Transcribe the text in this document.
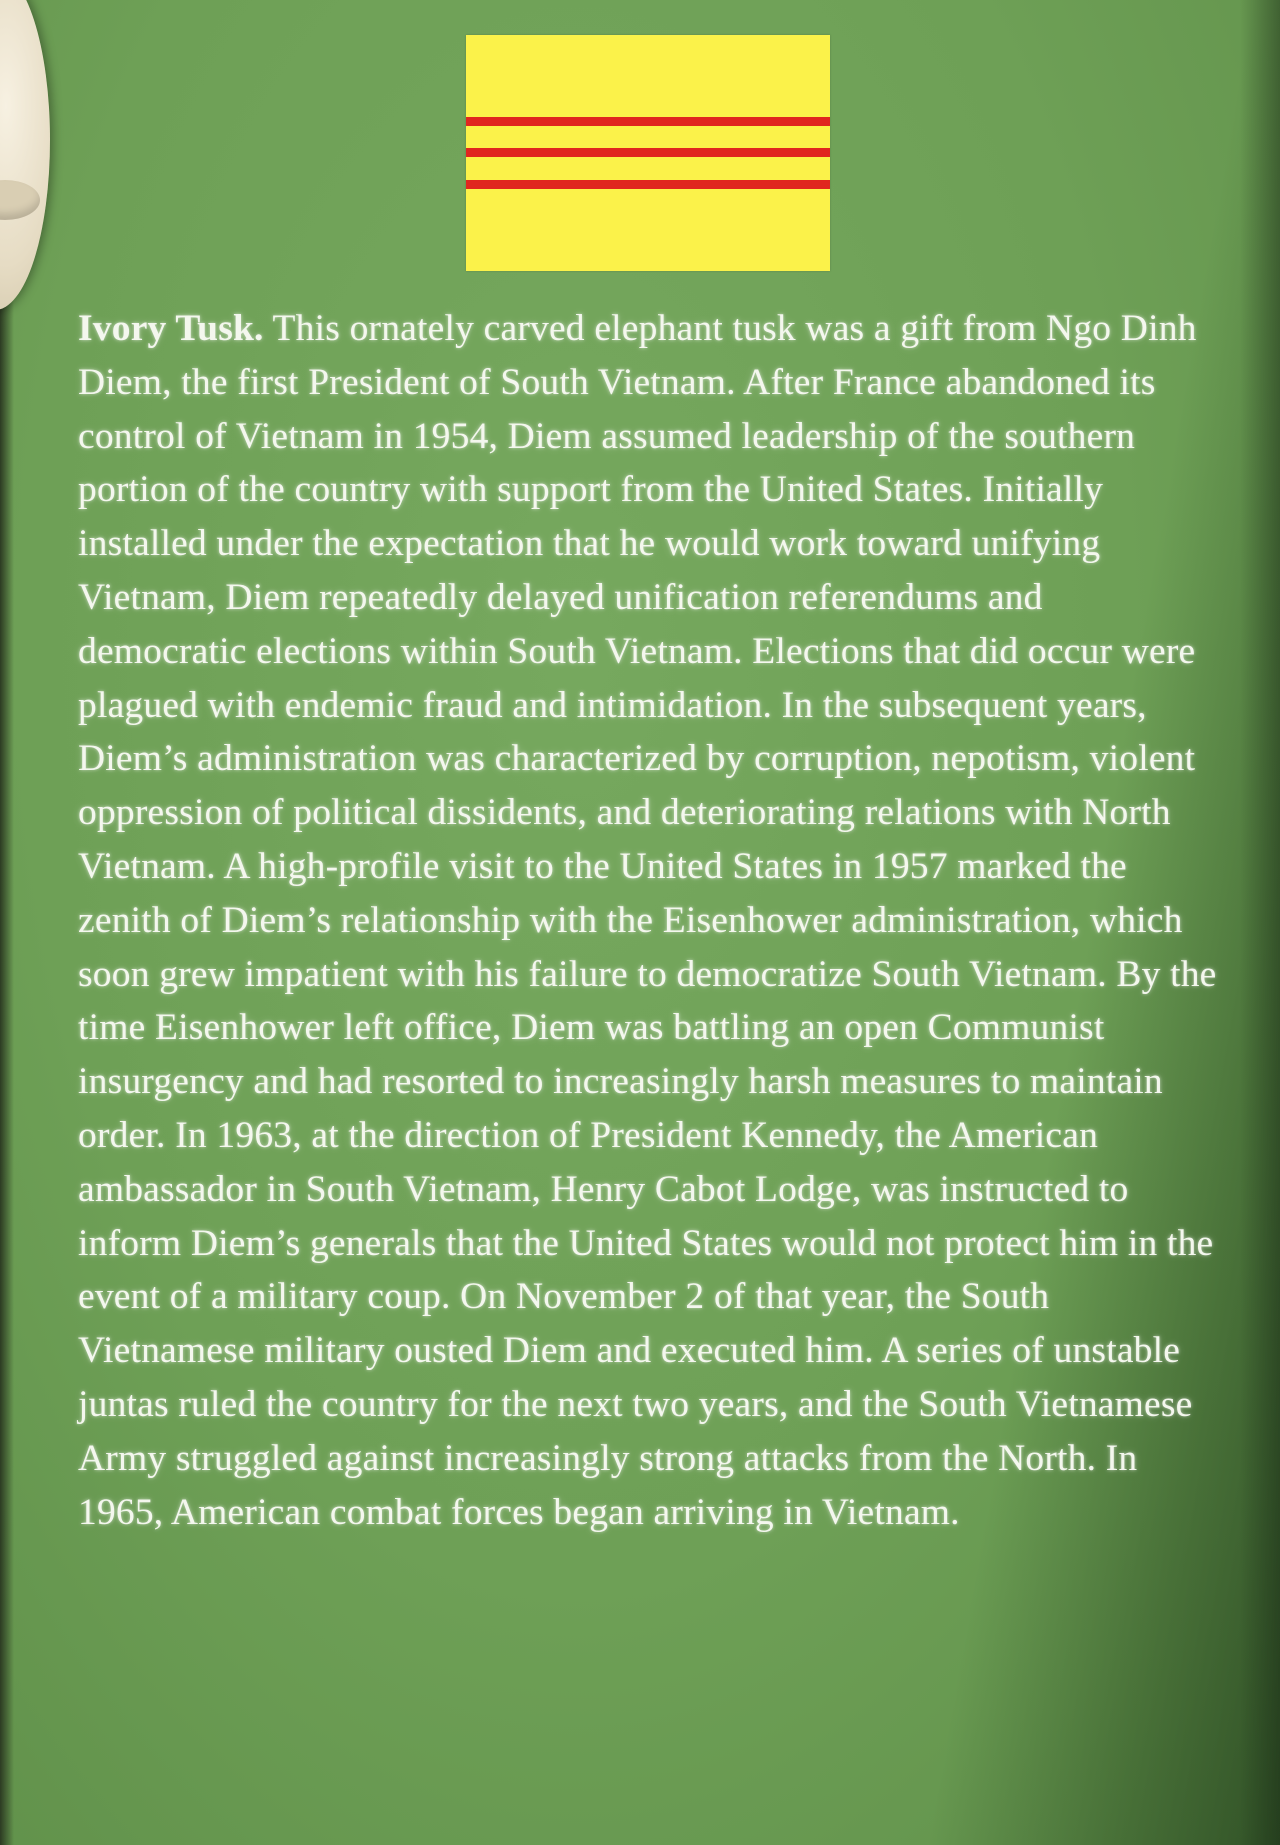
Ivory Tusk. This ornately carved elephant tusk was a gift from Ngo Dinh Diem, the first President of South Vietnam. After France abandoned its control of Vietnam in 1954, Diem assumed leadership of the southern portion of the country with support from the United States. Initially installed under the expectation that he would work toward unifying Vietnam, Diem repeatedly delayed unification referendums and democratic elections within South Vietnam. Elections that did occur were plagued with endemic fraud and intimidation. In the subsequent years, Diem’s administration was characterized by corruption, nepotism, violent oppression of political dissidents, and deteriorating relations with North Vietnam. A high-profile visit to the United States in 1957 marked the zenith of Diem’s relationship with the Eisenhower administration, which soon grew impatient with his failure to democratize South Vietnam. By the time Eisenhower left office, Diem was battling an open Communist insurgency and had resorted to increasingly harsh measures to maintain order. In 1963, at the direction of President Kennedy, the American ambassador in South Vietnam, Henry Cabot Lodge, was instructed to inform Diem’s generals that the United States would not protect him in the event of a military coup. On November 2 of that year, the South Vietnamese military ousted Diem and executed him. A series of unstable juntas ruled the country for the next two years, and the South Vietnamese Army struggled against increasingly strong attacks from the North. In 1965, American combat forces began arriving in Vietnam.
